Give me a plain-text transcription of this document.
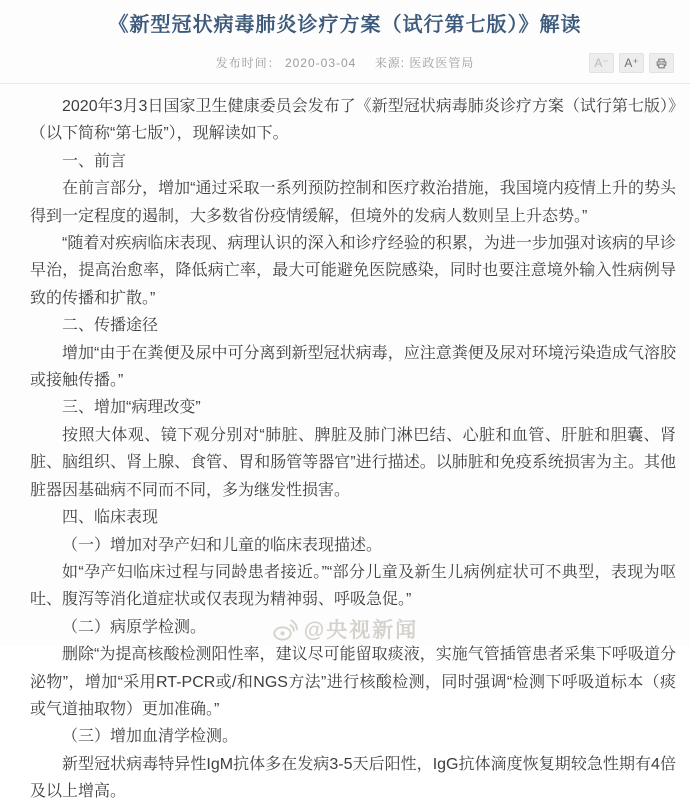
《新型冠状病毒肺炎诊疗方案（试行第七版）》解读
发布时间： 2020-03-04 来源: 医政医管局	A⁻	A⁺

2020年3月3日国家卫生健康委员会发布了《新型冠状病毒肺炎诊疗方案（试行第七版）》（以下简称“第七版”），现解读如下。

一、前言

在前言部分，增加“通过采取一系列预防控制和医疗救治措施，我国境内疫情上升的势头得到一定程度的遏制，大多数省份疫情缓解，但境外的发病人数则呈上升态势。”

“随着对疾病临床表现、病理认识的深入和诊疗经验的积累，为进一步加强对该病的早诊早治，提高治愈率，降低病亡率，最大可能避免医院感染，同时也要注意境外输入性病例导致的传播和扩散。”

二、传播途径

增加“由于在粪便及尿中可分离到新型冠状病毒，应注意粪便及尿对环境污染造成气溶胶或接触传播。”

三、增加“病理改变”

按照大体观、镜下观分别对“肺脏、脾脏及肺门淋巴结、心脏和血管、肝脏和胆囊、肾脏、脑组织、肾上腺、食管、胃和肠管等器官”进行描述。以肺脏和免疫系统损害为主。其他脏器因基础病不同而不同，多为继发性损害。

四、临床表现

（一）增加对孕产妇和儿童的临床表现描述。

如“孕产妇临床过程与同龄患者接近。”“部分儿童及新生儿病例症状可不典型，表现为呕吐、腹泻等消化道症状或仅表现为精神弱、呼吸急促。”

（二）病原学检测。

删除“为提高核酸检测阳性率，建议尽可能留取痰液，实施气管插管患者采集下呼吸道分泌物”，增加“采用RT-PCR或/和NGS方法”进行核酸检测，同时强调“检测下呼吸道标本（痰或气道抽取物）更加准确。”

（三）增加血清学检测。

新型冠状病毒特异性IgM抗体多在发病3-5天后阳性，IgG抗体滴度恢复期较急性期有4倍及以上增高。

@央视新闻
